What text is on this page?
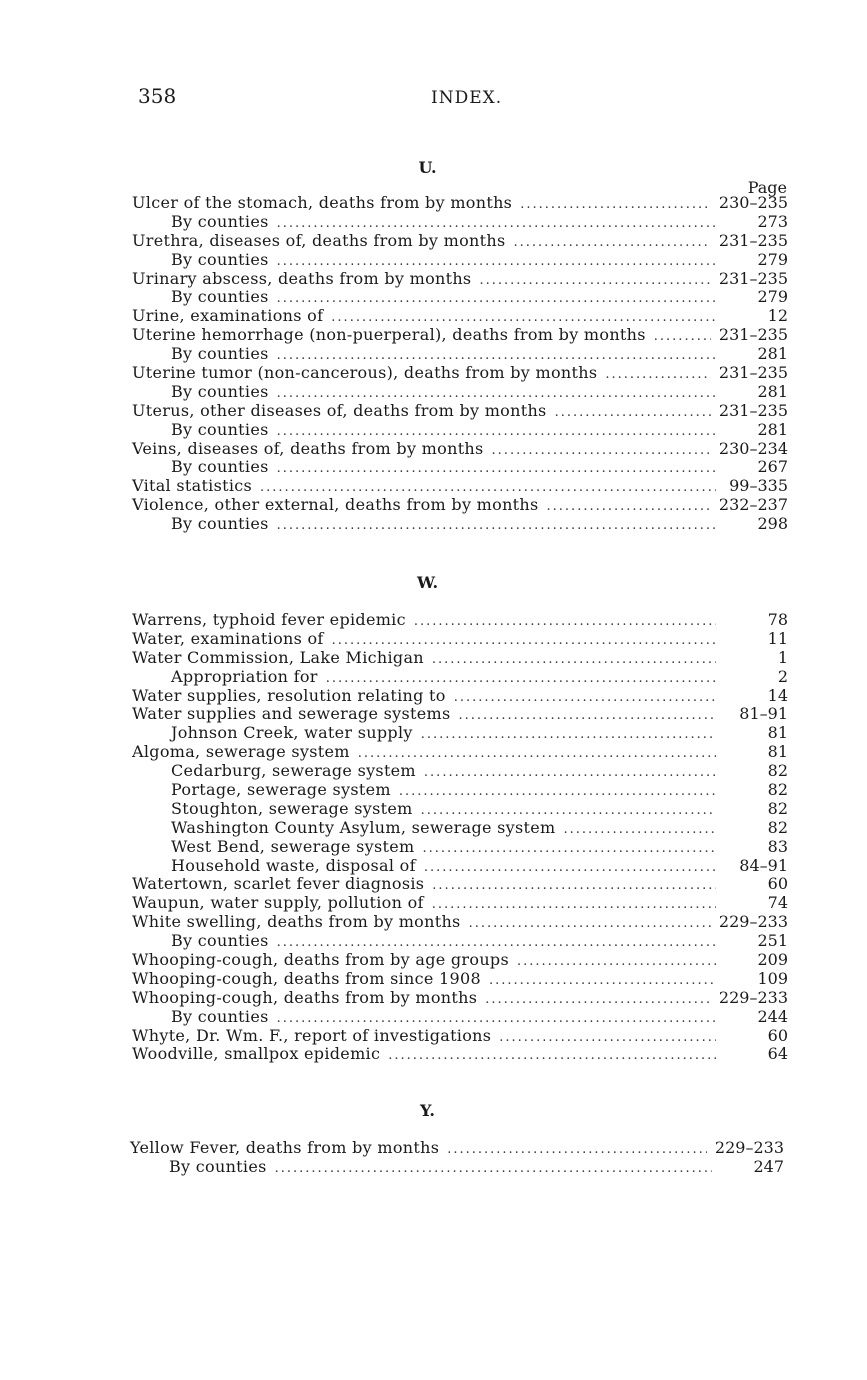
358	INDEX.
U.
Page
Ulcer of the stomach, deaths from by months .....	230–235
By counties .....	273
Urethra, diseases of, deaths from by months .....	231–235
By counties .....	279
Urinary abscess, deaths from by months .....	231–235
By counties .....	279
Urine, examinations of .....	12
Uterine hemorrhage (non-puerperal), deaths from by months .....	231–235
By counties .....	281
Uterine tumor (non-cancerous), deaths from by months .....	231–235
By counties .....	281
Uterus, other diseases of, deaths from by months .....	231–235
By counties .....	281
Veins, diseases of, deaths from by months .....	230–234
By counties .....	267
Vital statistics .....	99–335
Violence, other external, deaths from by months .....	232–237
By counties .....	298
W.
Warrens, typhoid fever epidemic .....	78
Water, examinations of .....	11
Water Commission, Lake Michigan .....	1
Appropriation for .....	2
Water supplies, resolution relating to .....	14
Water supplies and sewerage systems .....	81–91
Johnson Creek, water supply .....	81
Algoma, sewerage system .....	81
Cedarburg, sewerage system .....	82
Portage, sewerage system .....	82
Stoughton, sewerage system .....	82
Washington County Asylum, sewerage system .....	82
West Bend, sewerage system .....	83
Household waste, disposal of .....	84–91
Watertown, scarlet fever diagnosis .....	60
Waupun, water supply, pollution of .....	74
White swelling, deaths from by months .....	229–233
By counties .....	251
Whooping-cough, deaths from by age groups .....	209
Whooping-cough, deaths from since 1908 .....	109
Whooping-cough, deaths from by months .....	229–233
By counties .....	244
Whyte, Dr. Wm. F., report of investigations .....	60
Woodville, smallpox epidemic .....	64
Y.
Yellow Fever, deaths from by months .....	229–233
By counties .....	247
